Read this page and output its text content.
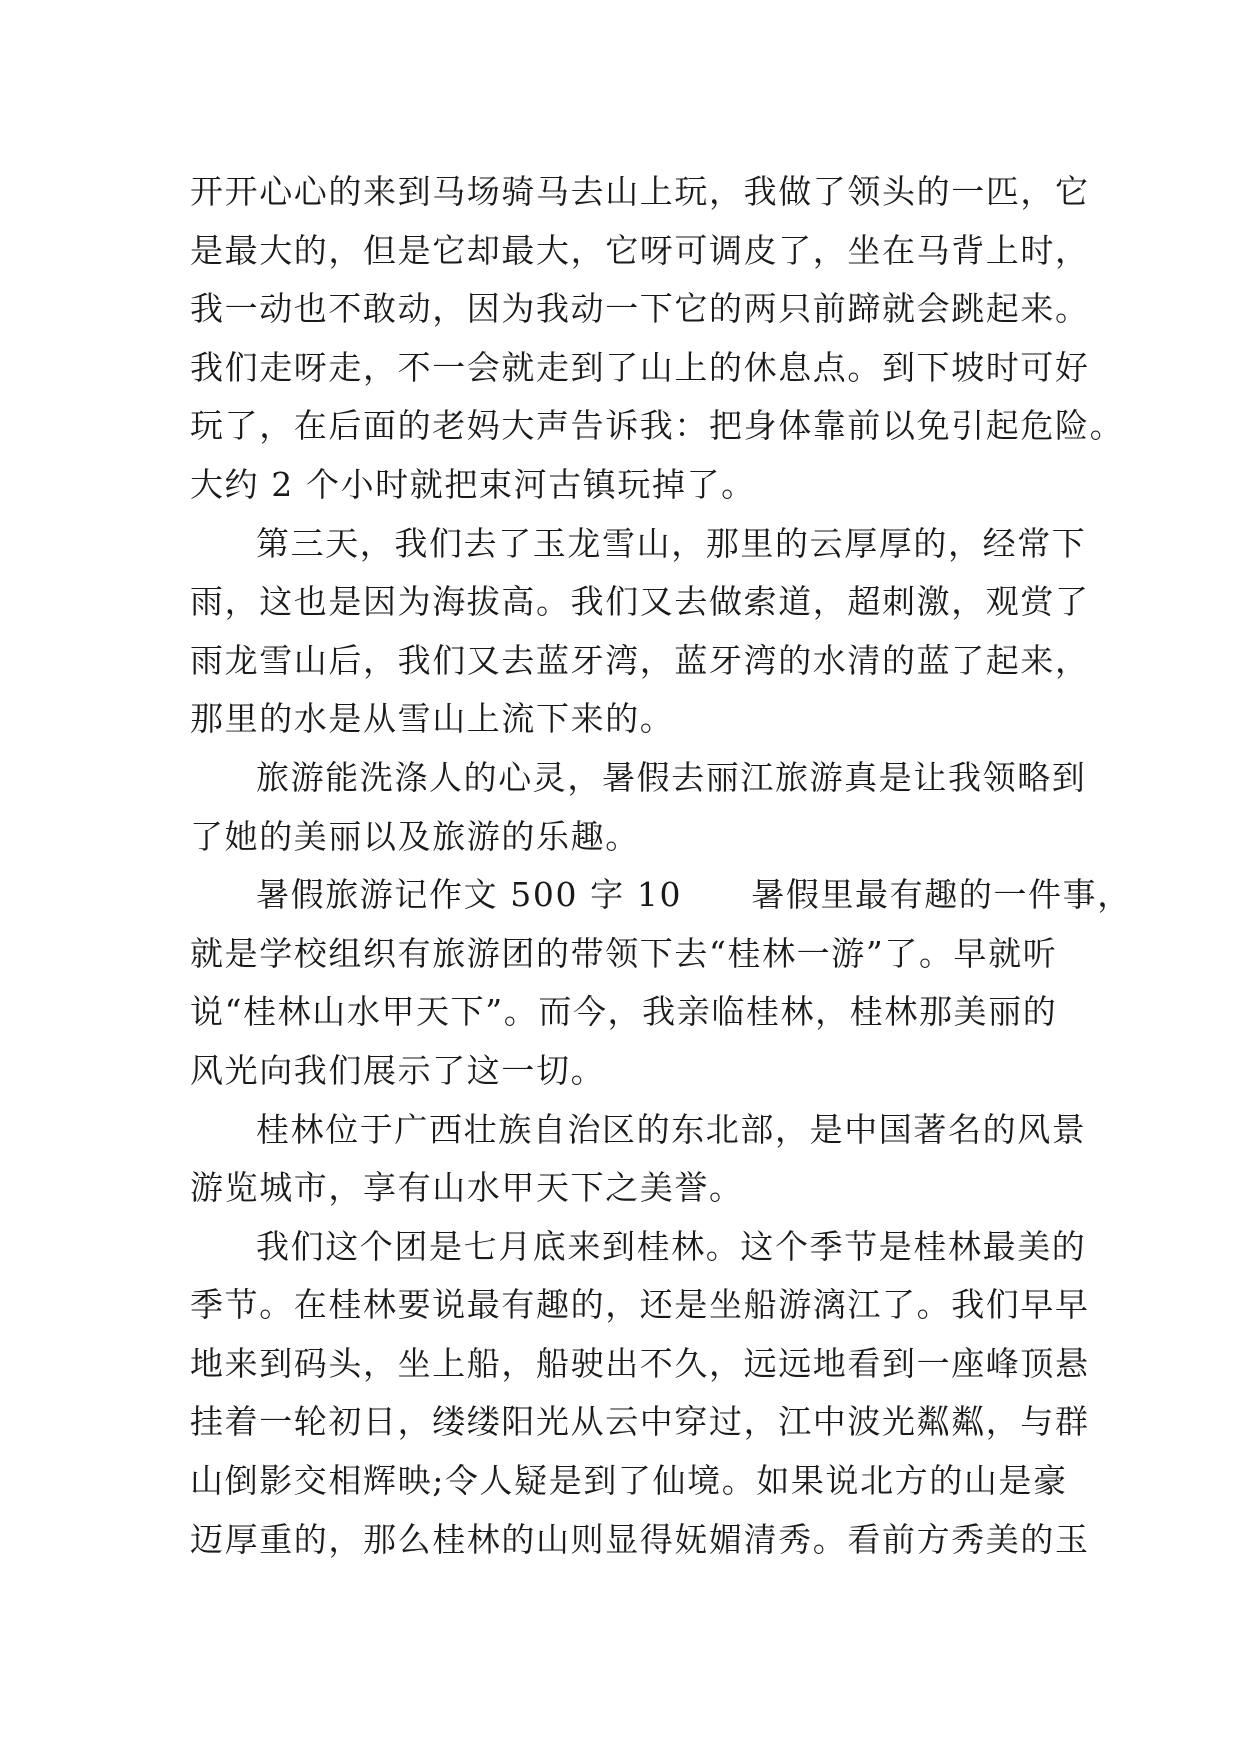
开开心心的来到马场骑马去山上玩，我做了领头的一匹，它
是最大的，但是它却最大，它呀可调皮了，坐在马背上时，
我一动也不敢动，因为我动一下它的两只前蹄就会跳起来。
我们走呀走，不一会就走到了山上的休息点。到下坡时可好
玩了，在后面的老妈大声告诉我：把身体靠前以免引起危险。
大约 2 个小时就把束河古镇玩掉了。
第三天，我们去了玉龙雪山，那里的云厚厚的，经常下
雨，这也是因为海拔高。我们又去做索道，超刺激，观赏了
雨龙雪山后，我们又去蓝牙湾，蓝牙湾的水清的蓝了起来，
那里的水是从雪山上流下来的。
旅游能洗涤人的心灵，暑假去丽江旅游真是让我领略到
了她的美丽以及旅游的乐趣。
暑假旅游记作文 500 字 10　　暑假里最有趣的一件事，
就是学校组织有旅游团的带领下去“桂林一游”了。早就听
说“桂林山水甲天下”。而今，我亲临桂林，桂林那美丽的
风光向我们展示了这一切。
桂林位于广西壮族自治区的东北部，是中国著名的风景
游览城市，享有山水甲天下之美誉。
我们这个团是七月底来到桂林。这个季节是桂林最美的
季节。在桂林要说最有趣的，还是坐船游漓江了。我们早早
地来到码头，坐上船，船驶出不久，远远地看到一座峰顶悬
挂着一轮初日，缕缕阳光从云中穿过，江中波光粼粼，与群
山倒影交相辉映;令人疑是到了仙境。如果说北方的山是豪
迈厚重的，那么桂林的山则显得妩媚清秀。看前方秀美的玉
